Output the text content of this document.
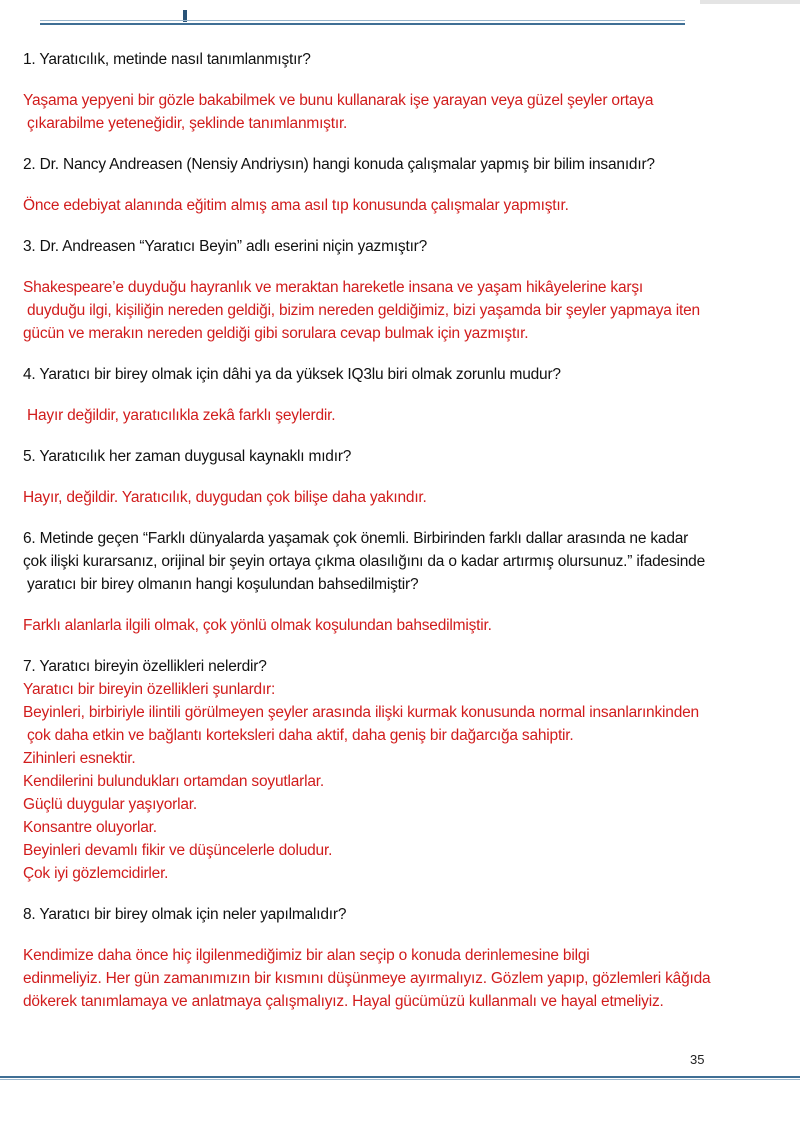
1. Yaratıcılık, metinde nasıl tanımlanmıştır?

Yaşama yepyeni bir gözle bakabilmek ve bunu kullanarak işe yarayan veya güzel şeyler ortaya

çıkarabilme yeteneğidir, şeklinde tanımlanmıştır.

2. Dr. Nancy Andreasen (Nensiy Andriysın) hangi konuda çalışmalar yapmış bir bilim insanıdır?

Önce edebiyat alanında eğitim almış ama asıl tıp konusunda çalışmalar yapmıştır.

3. Dr. Andreasen “Yaratıcı Beyin” adlı eserini niçin yazmıştır?

Shakespeare’e duyduğu hayranlık ve meraktan hareketle insana ve yaşam hikâyelerine karşı

duyduğu ilgi, kişiliğin nereden geldiği, bizim nereden geldiğimiz, bizi yaşamda bir şeyler yapmaya iten

gücün ve merakın nereden geldiği gibi sorulara cevap bulmak için yazmıştır.

4. Yaratıcı bir birey olmak için dâhi ya da yüksek IQ3lu biri olmak zorunlu mudur?

Hayır değildir, yaratıcılıkla zekâ farklı şeylerdir.

5. Yaratıcılık her zaman duygusal kaynaklı mıdır?

Hayır, değildir. Yaratıcılık, duygudan çok bilişe daha yakındır.

6. Metinde geçen “Farklı dünyalarda yaşamak çok önemli. Birbirinden farklı dallar arasında ne kadar

çok ilişki kurarsanız, orijinal bir şeyin ortaya çıkma olasılığını da o kadar artırmış olursunuz.” ifadesinde

yaratıcı bir birey olmanın hangi koşulundan bahsedilmiştir?

Farklı alanlarla ilgili olmak, çok yönlü olmak koşulundan bahsedilmiştir.

7. Yaratıcı bireyin özellikleri nelerdir?

Yaratıcı bir bireyin özellikleri şunlardır:

Beyinleri, birbiriyle ilintili görülmeyen şeyler arasında ilişki kurmak konusunda normal insanlarınkinden

çok daha etkin ve bağlantı korteksleri daha aktif, daha geniş bir dağarcığa sahiptir.

Zihinleri esnektir.

Kendilerini bulundukları ortamdan soyutlarlar.

Güçlü duygular yaşıyorlar.

Konsantre oluyorlar.

Beyinleri devamlı fikir ve düşüncelerle doludur.

Çok iyi gözlemcidirler.

8. Yaratıcı bir birey olmak için neler yapılmalıdır?

Kendimize daha önce hiç ilgilenmediğimiz bir alan seçip o konuda derinlemesine bilgi

edinmeliyiz. Her gün zamanımızın bir kısmını düşünmeye ayırmalıyız. Gözlem yapıp, gözlemleri kâğıda

dökerek tanımlamaya ve anlatmaya çalışmalıyız. Hayal gücümüzü kullanmalı ve hayal etmeliyiz.

35
